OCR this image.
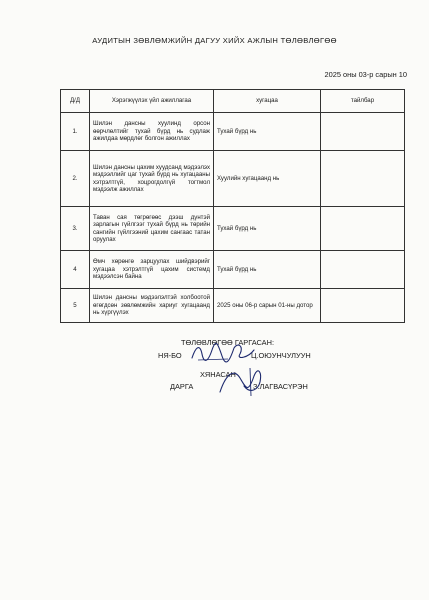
АУДИТЫН ЗӨВЛӨМЖИЙН ДАГУУ ХИЙХ АЖЛЫН ТӨЛӨВЛӨГӨӨ
2025 оны 03-р сарын 10
Д/Д	Хэрэгжүүлэх үйл ажиллагаа	хугацаа	тайлбар
1.	Шилэн дансны хуулинд орсон өөрчлөлтийг тухай бүрд нь судлаж ажилдаа мөрдлөг болгон ажиллах	Тухай бүрд нь	
2.	Шилэн дансны цахим хуудсанд мэдээлэх мэдээллийг цаг тухай бүрд нь хугацааны хэтрэлтгүй, хоцрогдолгүй тогтмол мэдээлж ажиллах	Хуулийн хугацаанд нь	
3.	Таван сая төгрөгөөс дээш дүнтэй зарлагын гүйлгээг тухай бүрд нь төрийн сангийн гүйлгээний цахим сангаас татан оруулах	Тухай бүрд нь	
4	Өмч хөрөнгө зарцуулах шийдвэрийг хугацаа хэтрэлтгүй цахим системд мэдээлсэн байна	Тухай бүрд нь	
5	Шилэн дансны мэдээлэлтэй холбоотой өгөгдсөн зөвлөмжийн хариуг хугацаанд нь хүргүүлэх	2025 оны 06-р сарын 01-ны дотор	
ТӨЛӨВЛӨГӨӨ ГАРГАСАН:
НЯ-БО	Ц.ОЮУНЧУЛУУН
ХЯНАСАН
ДАРГА	З.ЛАГВАСҮРЭН
